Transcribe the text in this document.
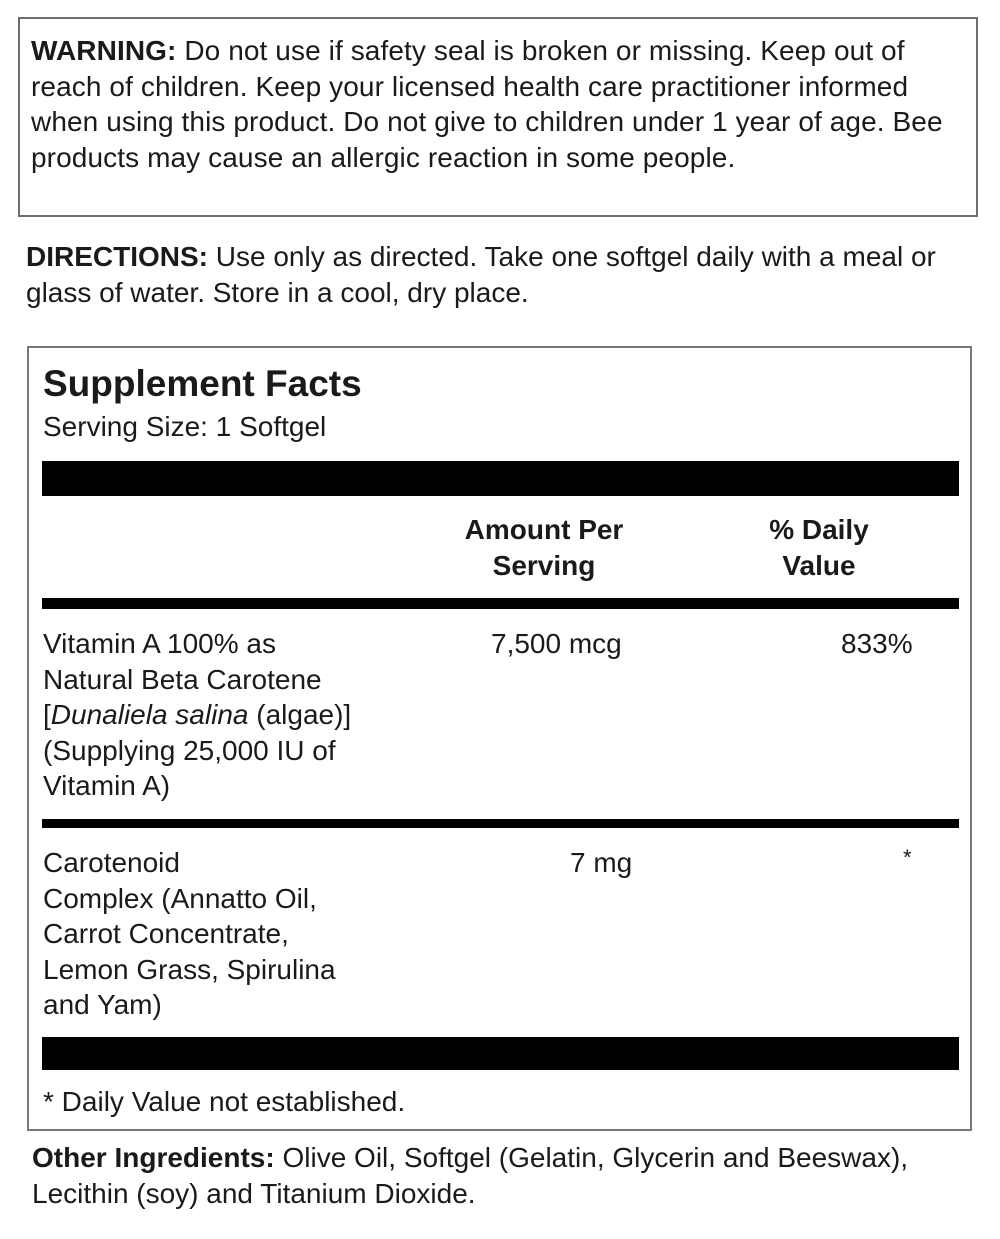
WARNING: Do not use if safety seal is broken or missing. Keep out of reach of children. Keep your licensed health care practitioner informed when using this product. Do not give to children under 1 year of age. Bee products may cause an allergic reaction in some people.
DIRECTIONS: Use only as directed. Take one softgel daily with a meal or glass of water. Store in a cool, dry place.
Supplement Facts
Serving Size: 1 Softgel
Amount Per
Serving
% Daily
Value
Vitamin A 100% as
Natural Beta Carotene
[Dunaliela salina (algae)]
(Supplying 25,000 IU of
Vitamin A)
7,500 mcg	833%
Carotenoid
Complex (Annatto Oil,
Carrot Concentrate,
Lemon Grass, Spirulina
and Yam)
7 mg	*
* Daily Value not established.
Other Ingredients: Olive Oil, Softgel (Gelatin, Glycerin and Beeswax), Lecithin (soy) and Titanium Dioxide.
